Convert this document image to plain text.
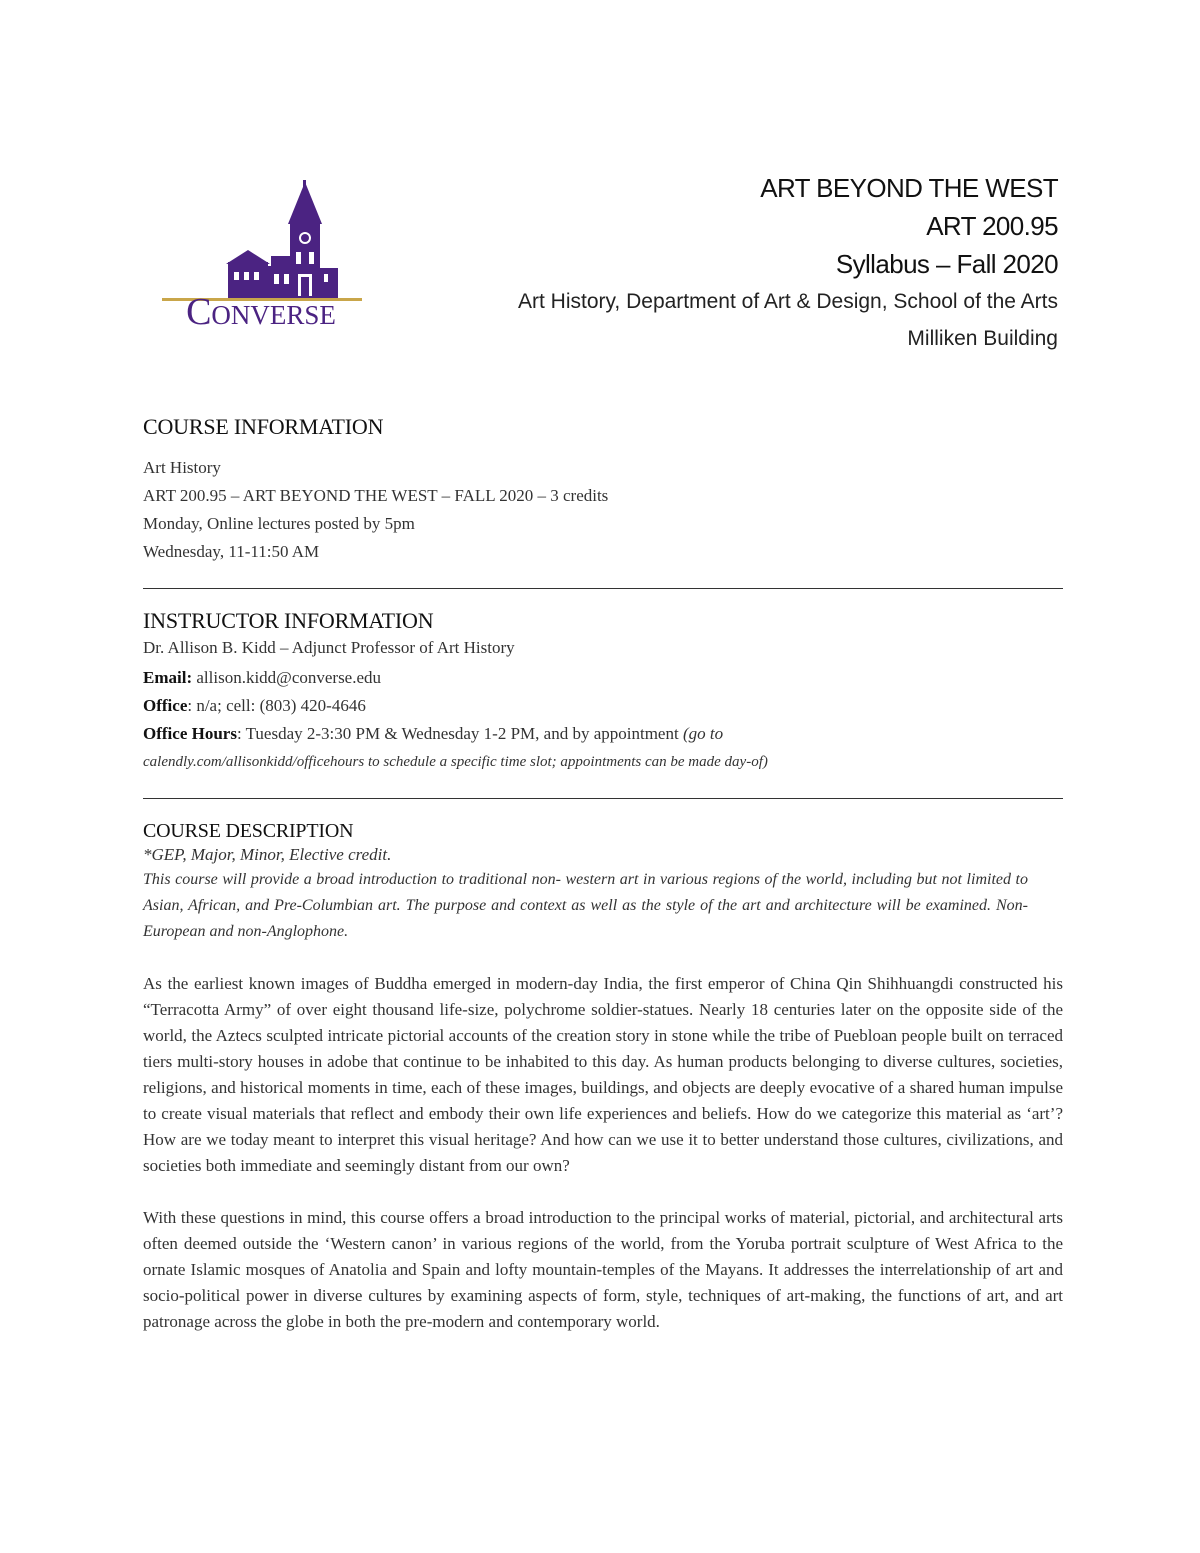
Converse
ART BEYOND THE WEST
ART 200.95
Syllabus – Fall 2020
Art History, Department of Art & Design, School of the Arts
Milliken Building
COURSE INFORMATION

Art History

ART 200.95 – ART BEYOND THE WEST – FALL 2020 – 3 credits

Monday, Online lectures posted by 5pm

Wednesday, 11-11:50 AM

INSTRUCTOR INFORMATION

Dr. Allison B. Kidd – Adjunct Professor of Art History

Email: allison.kidd@converse.edu

Office: n/a; cell: (803) 420-4646

Office Hours: Tuesday 2-3:30 PM & Wednesday 1-2 PM, and by appointment (go to

calendly.com/allisonkidd/officehours to schedule a specific time slot; appointments can be made day-of)

COURSE DESCRIPTION

*GEP, Major, Minor, Elective credit.

This course will provide a broad introduction to traditional non- western art in various regions of the world, including but not limited to Asian, African, and Pre-Columbian art. The purpose and context as well as the style of the art and architecture will be examined. Non-European and non-Anglophone.

As the earliest known images of Buddha emerged in modern-day India, the first emperor of China Qin Shihhuangdi constructed his “Terracotta Army” of over eight thousand life-size, polychrome soldier-statues. Nearly 18 centuries later on the opposite side of the world, the Aztecs sculpted intricate pictorial accounts of the creation story in stone while the tribe of Puebloan people built on terraced tiers multi-story houses in adobe that continue to be inhabited to this day. As human products belonging to diverse cultures, societies, religions, and historical moments in time, each of these images, buildings, and objects are deeply evocative of a shared human impulse to create visual materials that reflect and embody their own life experiences and beliefs. How do we categorize this material as ‘art’? How are we today meant to interpret this visual heritage? And how can we use it to better understand those cultures, civilizations, and societies both immediate and seemingly distant from our own?

With these questions in mind, this course offers a broad introduction to the principal works of material, pictorial, and architectural arts often deemed outside the ‘Western canon’ in various regions of the world, from the Yoruba portrait sculpture of West Africa to the ornate Islamic mosques of Anatolia and Spain and lofty mountain-temples of the Mayans. It addresses the interrelationship of art and socio-political power in diverse cultures by examining aspects of form, style, techniques of art-making, the functions of art, and art patronage across the globe in both the pre-modern and contemporary world.
